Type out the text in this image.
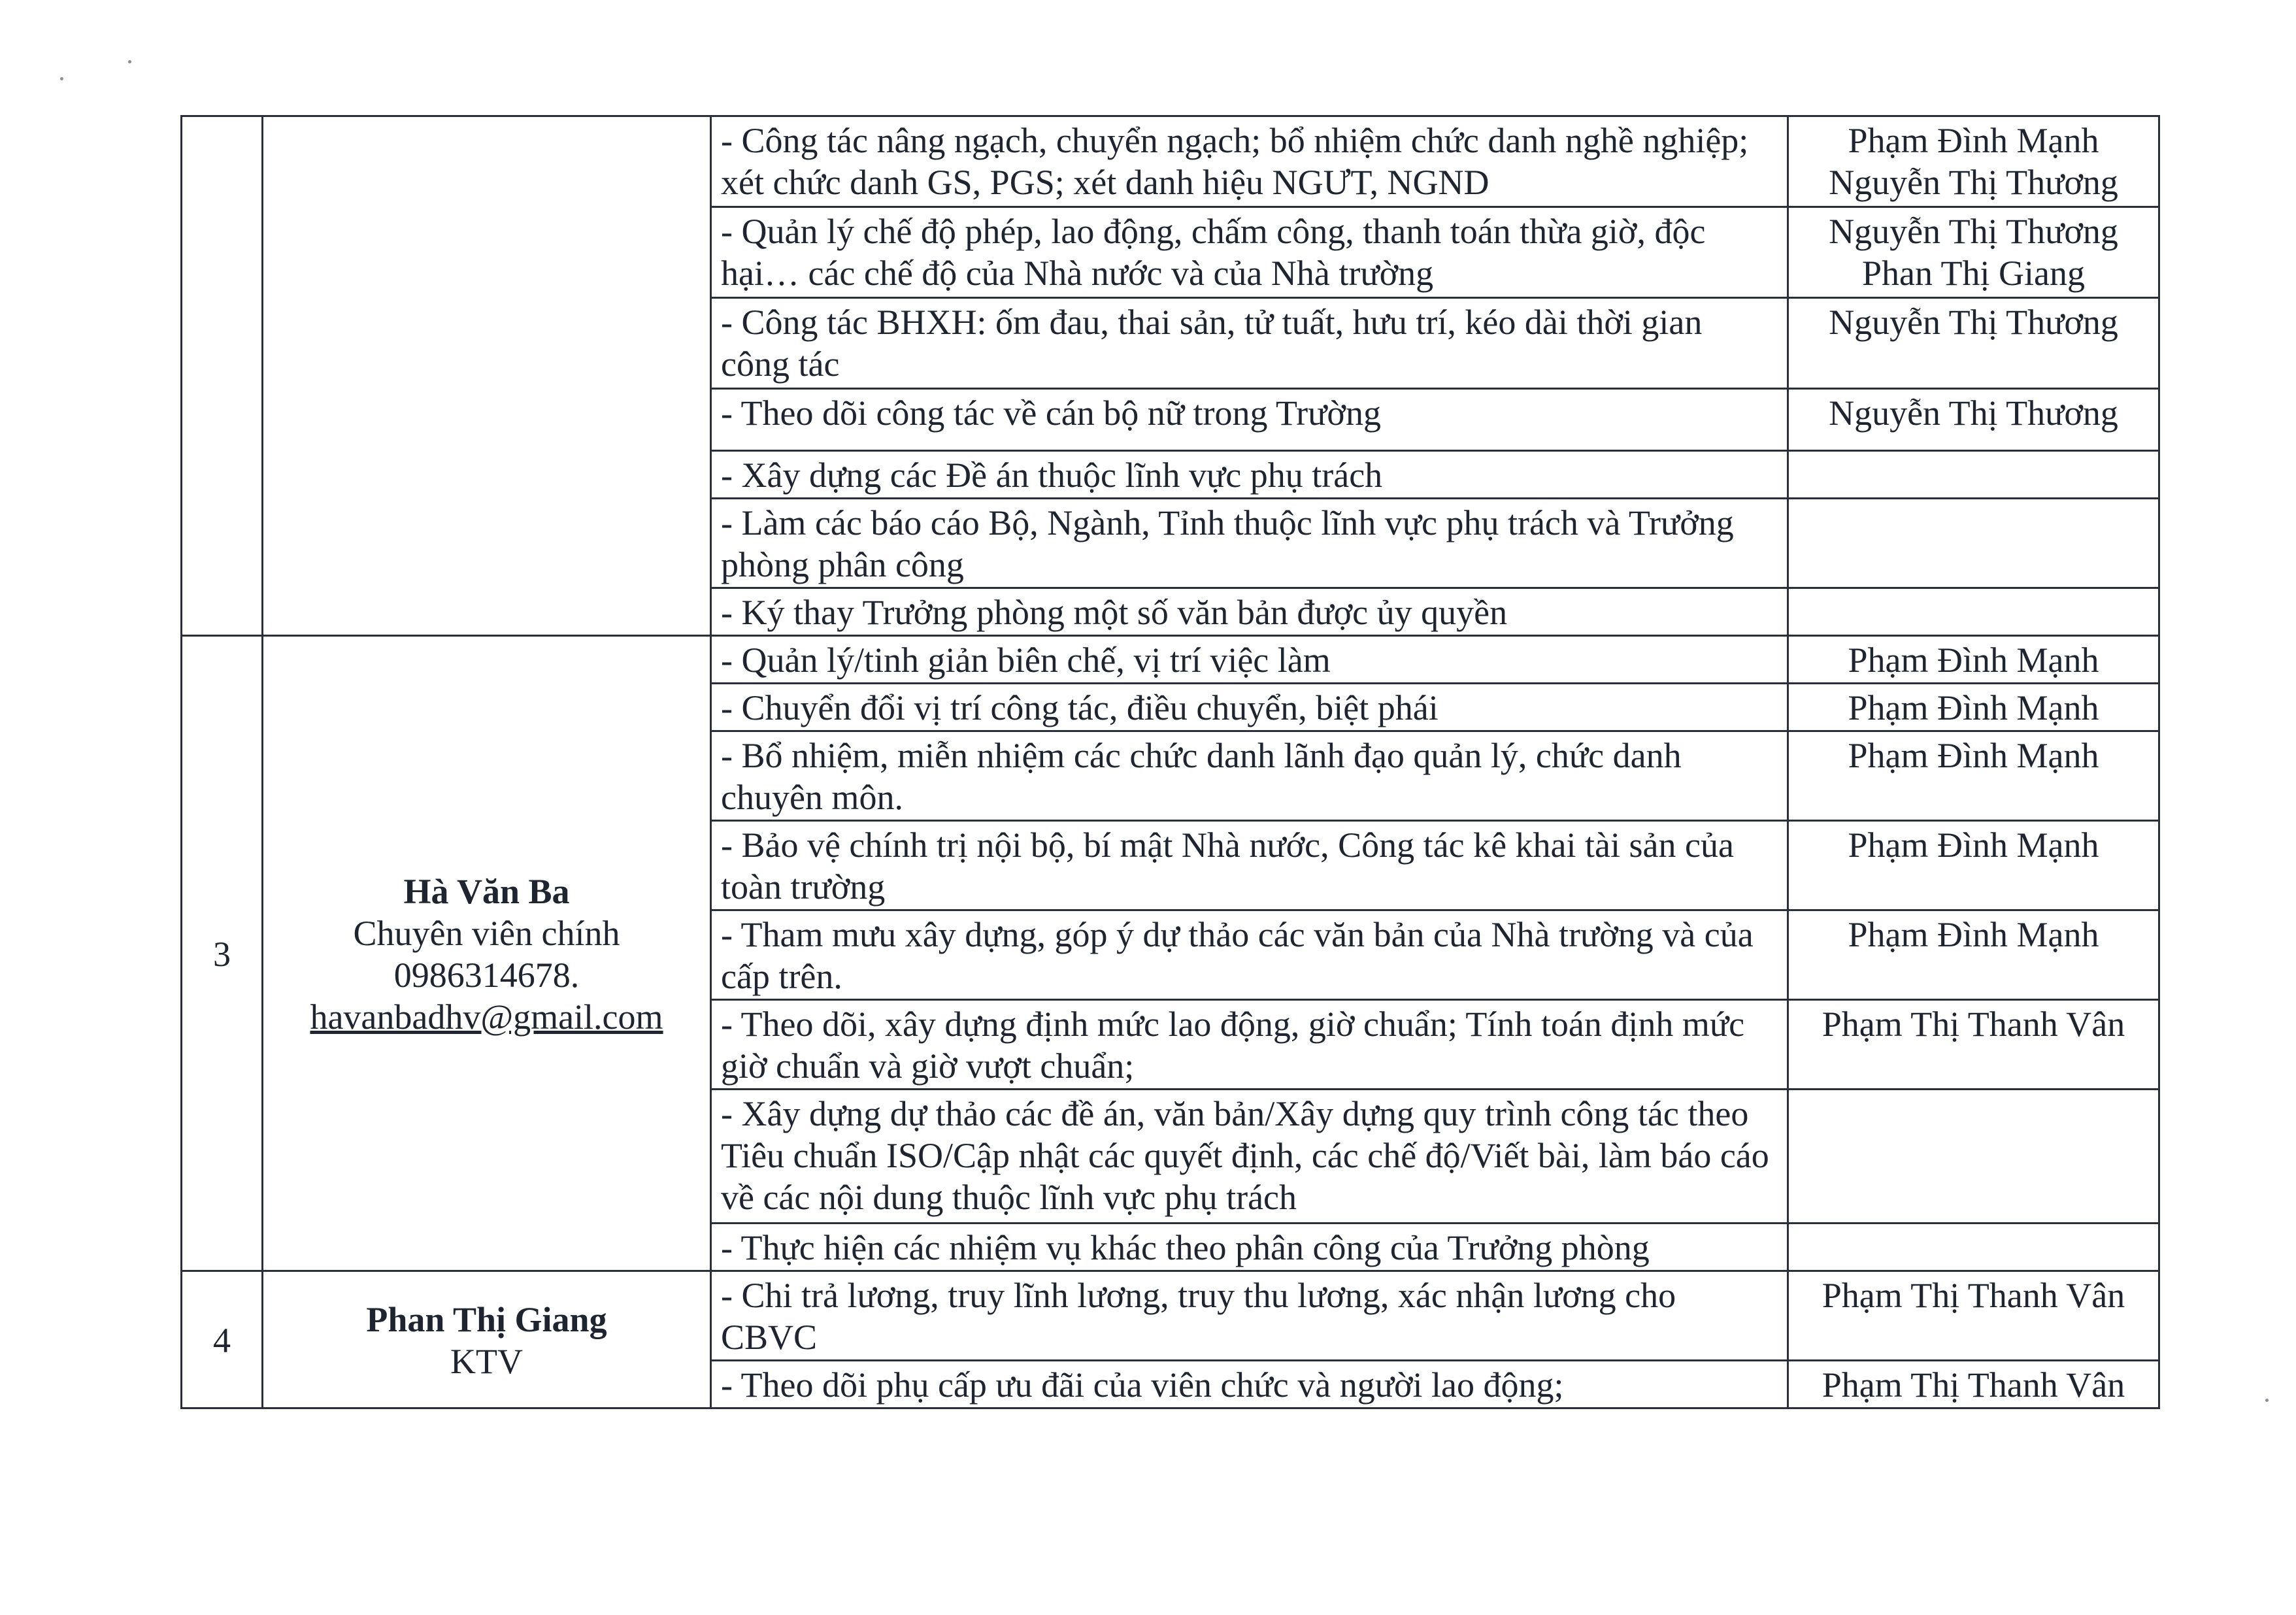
		- Công tác nâng ngạch, chuyển ngạch; bổ nhiệm chức danh nghề nghiệp; xét chức danh GS, PGS; xét danh hiệu NGƯT, NGND	Phạm Đình Mạnh
Nguyễn Thị Thương

		- Quản lý chế độ phép, lao động, chấm công, thanh toán thừa giờ, độc hại… các chế độ của Nhà nước và của Nhà trường	Nguyễn Thị Thương
Phan Thị Giang

		- Công tác BHXH: ốm đau, thai sản, tử tuất, hưu trí, kéo dài thời gian công tác	Nguyễn Thị Thương

		- Theo dõi công tác về cán bộ nữ trong Trường	Nguyễn Thị Thương

		- Xây dựng các Đề án thuộc lĩnh vực phụ trách	
		- Làm các báo cáo Bộ, Ngành, Tỉnh thuộc lĩnh vực phụ trách và Trưởng phòng phân công	
		- Ký thay Trưởng phòng một số văn bản được ủy quyền	
3	Hà Văn Ba
Chuyên viên chính
0986314678.
havanbadhv@gmail.com	- Quản lý/tinh giản biên chế, vị trí việc làm	Phạm Đình Mạnh

		- Chuyển đổi vị trí công tác, điều chuyển, biệt phái	Phạm Đình Mạnh

		- Bổ nhiệm, miễn nhiệm các chức danh lãnh đạo quản lý, chức danh chuyên môn.	Phạm Đình Mạnh

		- Bảo vệ chính trị nội bộ, bí mật Nhà nước, Công tác kê khai tài sản của toàn trường	Phạm Đình Mạnh

		- Tham mưu xây dựng, góp ý dự thảo các văn bản của Nhà trường và của cấp trên.	Phạm Đình Mạnh

		- Theo dõi, xây dựng định mức lao động, giờ chuẩn; Tính toán định mức giờ chuẩn và giờ vượt chuẩn;	Phạm Thị Thanh Vân

		- Xây dựng dự thảo các đề án, văn bản/Xây dựng quy trình công tác theo Tiêu chuẩn ISO/Cập nhật các quyết định, các chế độ/Viết bài, làm báo cáo về các nội dung thuộc lĩnh vực phụ trách	
		- Thực hiện các nhiệm vụ khác theo phân công của Trưởng phòng	
4	Phan Thị Giang
KTV	- Chi trả lương, truy lĩnh lương, truy thu lương, xác nhận lương cho CBVC	Phạm Thị Thanh Vân

		- Theo dõi phụ cấp ưu đãi của viên chức và người lao động;	Phạm Thị Thanh Vân
